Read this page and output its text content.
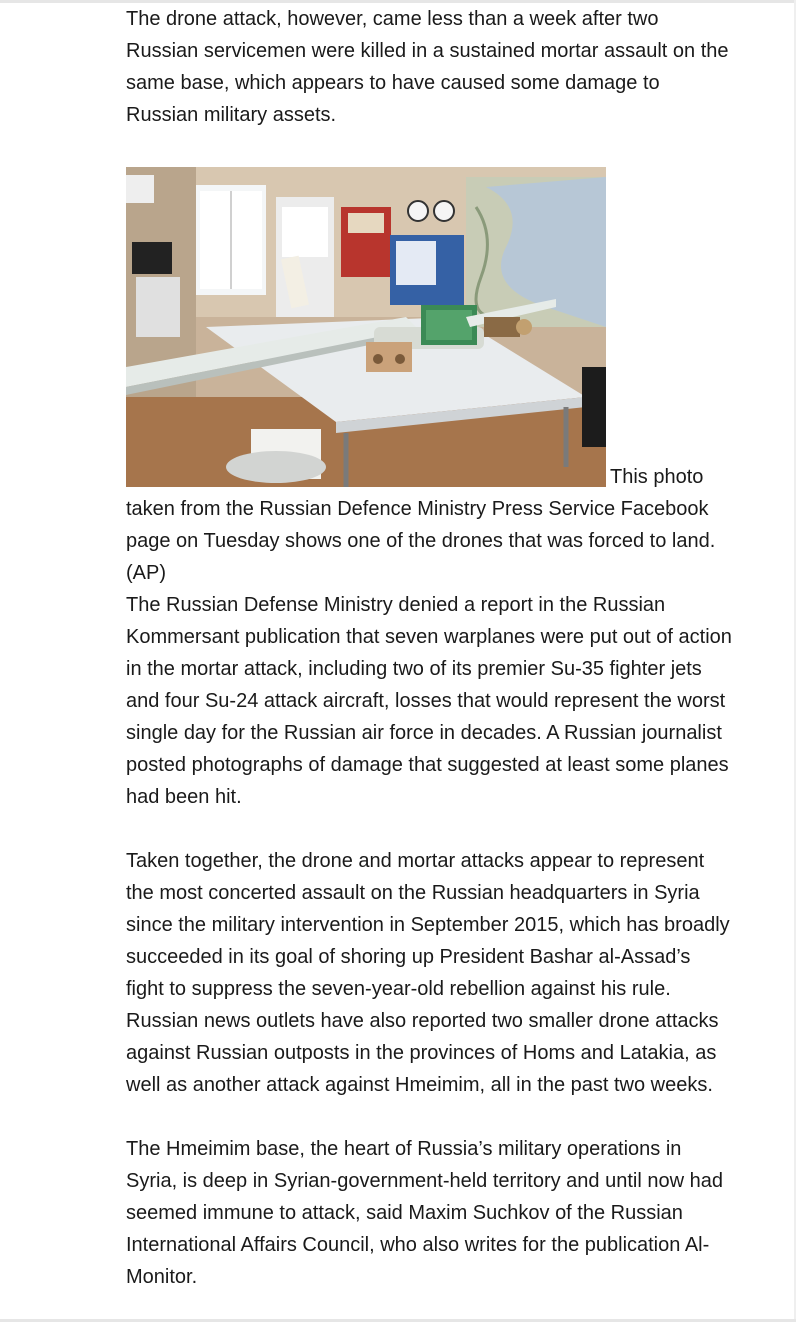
The drone attack, however, came less than a week after two Russian servicemen were killed in a sustained mortar assault on the same base, which appears to have caused some damage to Russian military assets.

This photo taken from the Russian Defence Ministry Press Service Facebook page on Tuesday shows one of the drones that was forced to land. (AP)

The Russian Defense Ministry denied a report in the Russian Kommersant publication that seven warplanes were put out of action in the mortar attack, including two of its premier Su-35 fighter jets and four Su-24 attack aircraft, losses that would represent the worst single day for the Russian air force in decades. A Russian journalist posted photographs of damage that suggested at least some planes had been hit.

Taken together, the drone and mortar attacks appear to represent the most concerted assault on the Russian headquarters in Syria since the military intervention in September 2015, which has broadly succeeded in its goal of shoring up President Bashar al-Assad’s fight to suppress the seven-year-old rebellion against his rule. Russian news outlets have also reported two smaller drone attacks against Russian outposts in the provinces of Homs and Latakia, as well as another attack against Hmeimim, all in the past two weeks.

The Hmeimim base, the heart of Russia’s military operations in Syria, is deep in Syrian-government-held territory and until now had seemed immune to attack, said Maxim Suchkov of the Russian International Affairs Council, who also writes for the publication Al-Monitor.
